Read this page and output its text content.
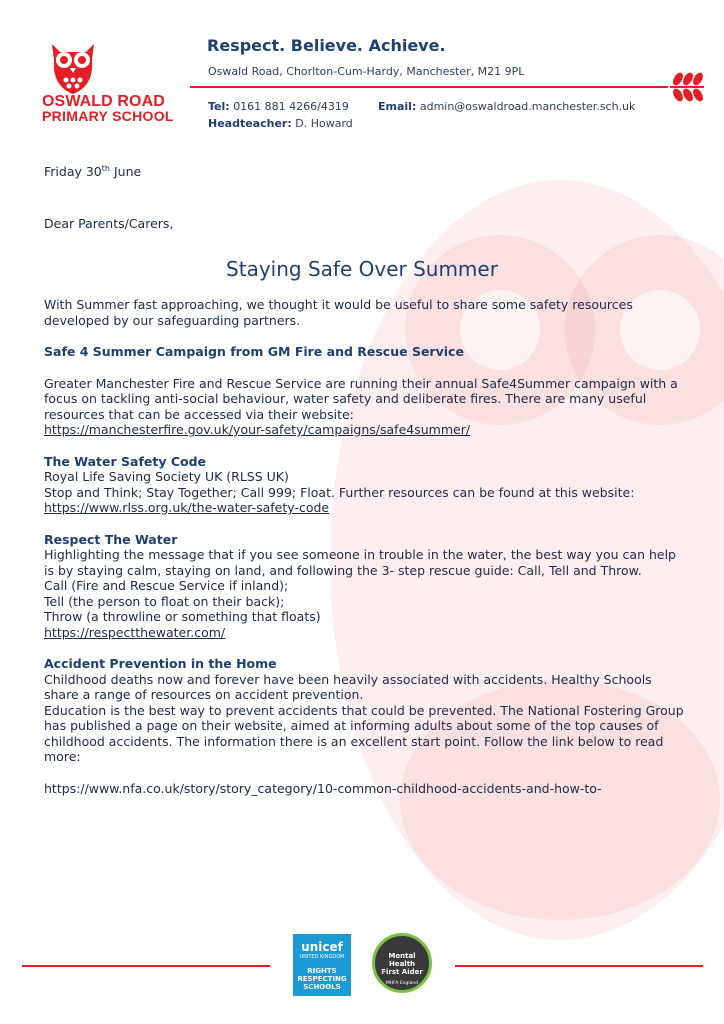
OSWALD ROAD
PRIMARY SCHOOL
Respect. Believe. Achieve.
Oswald Road, Chorlton-Cum-Hardy, Manchester, M21 9PL
Tel: 0161 881 4266/4319
Headteacher: D. Howard
Email: admin@oswaldroad.manchester.sch.uk
Friday 30th June
Dear Parents/Carers,
Staying Safe Over Summer

With Summer fast approaching, we thought it would be useful to share some safety resources developed by our safeguarding partners.

Safe 4 Summer Campaign from GM Fire and Rescue Service

Greater Manchester Fire and Rescue Service are running their annual Safe4Summer campaign with a focus on tackling anti-social behaviour, water safety and deliberate fires. There are many useful resources that can be accessed via their website:

https://manchesterfire.gov.uk/your-safety/campaigns/safe4summer/

The Water Safety Code

Royal Life Saving Society UK (RLSS UK)

Stop and Think; Stay Together; Call 999; Float. Further resources can be found at this website: https://www.rlss.org.uk/the-water-safety-code

Respect The Water

Highlighting the message that if you see someone in trouble in the water, the best way you can help is by staying calm, staying on land, and following the 3- step rescue guide: Call, Tell and Throw.

Call (Fire and Rescue Service if inland);

Tell (the person to float on their back);

Throw (a throwline or something that floats)

https://respectthewater.com/

Accident Prevention in the Home

Childhood deaths now and forever have been heavily associated with accidents. Healthy Schools share a range of resources on accident prevention.

Education is the best way to prevent accidents that could be prevented. The National Fostering Group has published a page on their website, aimed at informing adults about some of the top causes of childhood accidents. The information there is an excellent start point. Follow the link below to read more:

https://www.nfa.co.uk/story/story_category/10-common-childhood-accidents-and-how-to-

unicef
UNITED KINGDOM
RIGHTS
RESPECTING
SCHOOLS
Mental Health
First Aider
MHFA England
